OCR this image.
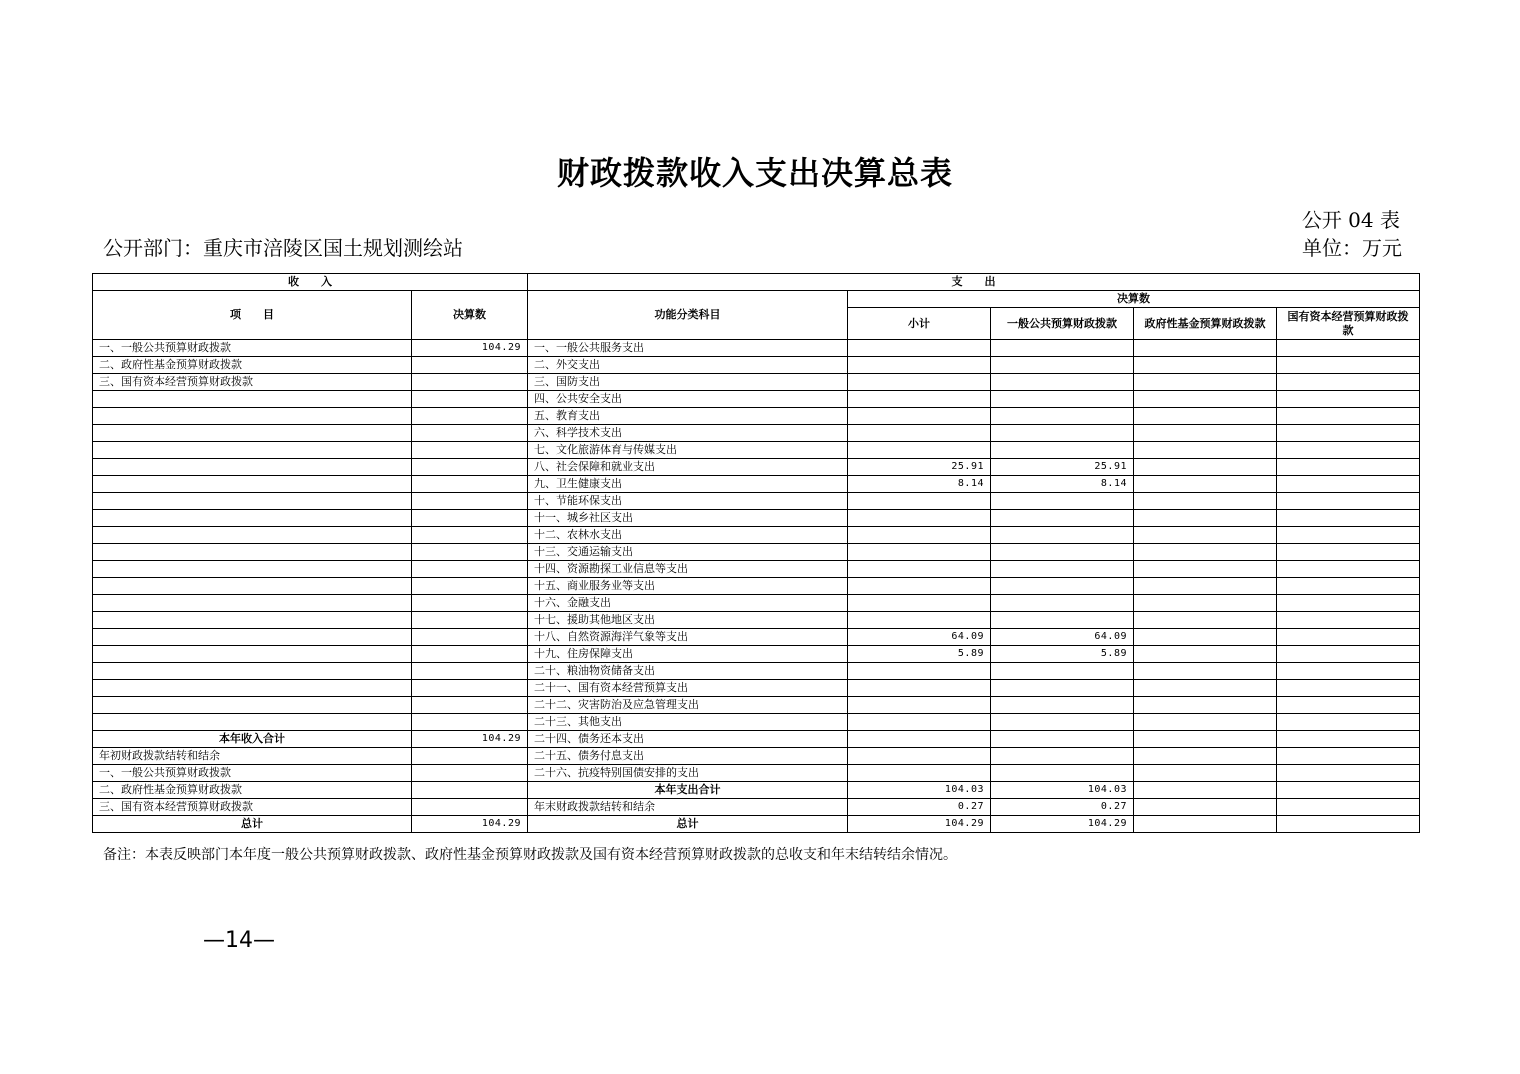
财政拨款收入支出决算总表
公开 04 表
公开部门：重庆市涪陵区国土规划测绘站	单位：万元
收　　入		支　　出				
项　　目	决算数	功能分类科目	决算数			
			小计	一般公共预算财政拨款	政府性基金预算财政拨款	国有资本经营预算财政拨款
一、一般公共预算财政拨款	104.29	一、一般公共服务支出				
二、政府性基金预算财政拨款		二、外交支出				
三、国有资本经营预算财政拨款		三、国防支出				
		四、公共安全支出				
		五、教育支出				
		六、科学技术支出				
		七、文化旅游体育与传媒支出				
		八、社会保障和就业支出	25.91	25.91		
		九、卫生健康支出	8.14	8.14		
		十、节能环保支出				
		十一、城乡社区支出				
		十二、农林水支出				
		十三、交通运输支出				
		十四、资源勘探工业信息等支出				
		十五、商业服务业等支出				
		十六、金融支出				
		十七、援助其他地区支出				
		十八、自然资源海洋气象等支出	64.09	64.09		
		十九、住房保障支出	5.89	5.89		
		二十、粮油物资储备支出				
		二十一、国有资本经营预算支出				
		二十二、灾害防治及应急管理支出				
		二十三、其他支出				
本年收入合计	104.29	二十四、债务还本支出				
年初财政拨款结转和结余		二十五、债务付息支出				
一、一般公共预算财政拨款		二十六、抗疫特别国债安排的支出				
二、政府性基金预算财政拨款		本年支出合计	104.03	104.03		
三、国有资本经营预算财政拨款		年末财政拨款结转和结余	0.27	0.27		
总计	104.29	总计	104.29	104.29		
备注：本表反映部门本年度一般公共预算财政拨款、政府性基金预算财政拨款及国有资本经营预算财政拨款的总收支和年末结转结余情况。
—14—
